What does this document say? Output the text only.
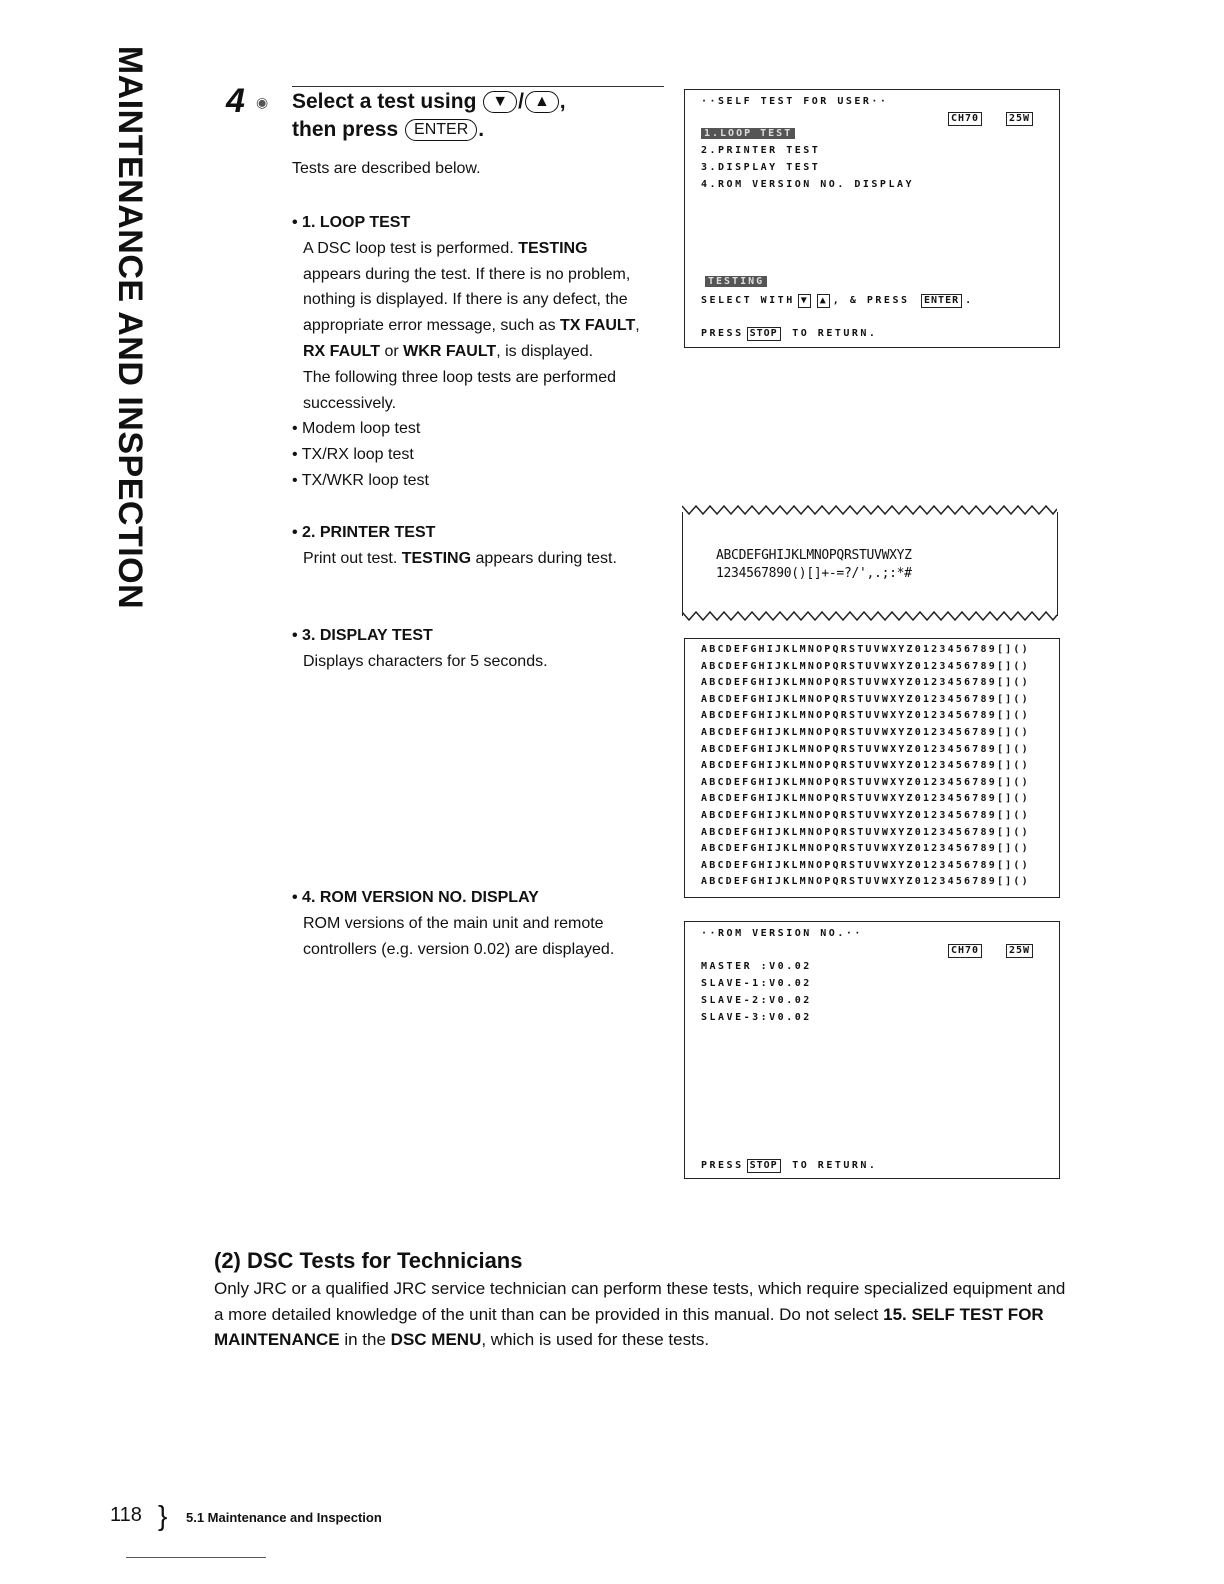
MAINTENANCE AND INSPECTION 4 ◉ Select a test using ▼ / ▲ ,
then press ENTER .
Tests are described below.

• 1. LOOP TEST

A DSC loop test is performed. TESTING

appears during the test. If there is no problem,

nothing is displayed. If there is any defect, the

appropriate error message, such as TX FAULT,

RX FAULT or WKR FAULT, is displayed.

The following three loop tests are performed

successively.

• Modem loop test

• TX/RX loop test

• TX/WKR loop test

• 2. PRINTER TEST

Print out test. TESTING appears during test.

• 3. DISPLAY TEST

Displays characters for 5 seconds.

• 4. ROM VERSION NO. DISPLAY

ROM versions of the main unit and remote

controllers (e.g. version 0.02) are displayed.

··SELF TEST FOR USER··
CH70	25W
1.LOOP TEST
2.PRINTER TEST
3.DISPLAY TEST
4.ROM VERSION NO. DISPLAY
TESTING
SELECT WITH ▼ ▲ , & PRESS ENTER .
PRESS STOP TO RETURN.
ABCDEFGHIJKLMNOPQRSTUVWXYZ
1234567890()[]+-=?/',.;:*#
ABCDEFGHIJKLMNOPQRSTUVWXYZ0123456789[]()
ABCDEFGHIJKLMNOPQRSTUVWXYZ0123456789[]()
ABCDEFGHIJKLMNOPQRSTUVWXYZ0123456789[]()
ABCDEFGHIJKLMNOPQRSTUVWXYZ0123456789[]()
ABCDEFGHIJKLMNOPQRSTUVWXYZ0123456789[]()
ABCDEFGHIJKLMNOPQRSTUVWXYZ0123456789[]()
ABCDEFGHIJKLMNOPQRSTUVWXYZ0123456789[]()
ABCDEFGHIJKLMNOPQRSTUVWXYZ0123456789[]()
ABCDEFGHIJKLMNOPQRSTUVWXYZ0123456789[]()
ABCDEFGHIJKLMNOPQRSTUVWXYZ0123456789[]()
ABCDEFGHIJKLMNOPQRSTUVWXYZ0123456789[]()
ABCDEFGHIJKLMNOPQRSTUVWXYZ0123456789[]()
ABCDEFGHIJKLMNOPQRSTUVWXYZ0123456789[]()
ABCDEFGHIJKLMNOPQRSTUVWXYZ0123456789[]()
ABCDEFGHIJKLMNOPQRSTUVWXYZ0123456789[]()
··ROM VERSION NO.··
CH70	25W
MASTER :V0.02
SLAVE-1:V0.02
SLAVE-2:V0.02
SLAVE-3:V0.02
PRESS STOP TO RETURN.
(2) DSC Tests for Technicians
Only JRC or a qualified JRC service technician can perform these tests, which require specialized equipment and a more detailed knowledge of the unit than can be provided in this manual. Do not select 15. SELF TEST FOR MAINTENANCE in the DSC MENU, which is used for these tests.
118 } 5.1 Maintenance and Inspection
